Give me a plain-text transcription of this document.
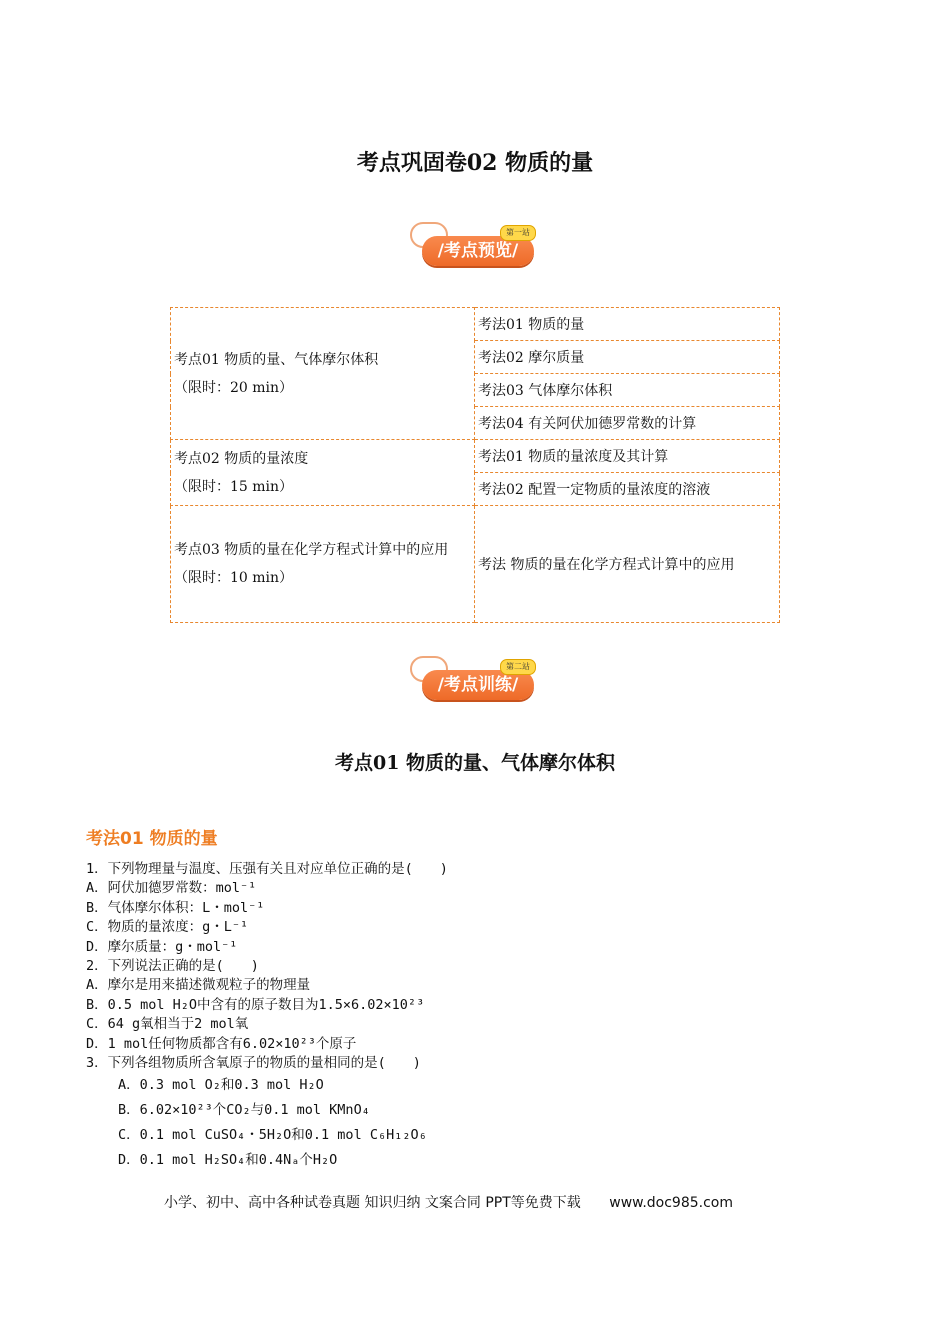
考点巩固卷02 物质的量
/考点预览/
第一站
考点01 物质的量、气体摩尔体积
（限时：20 min）	考法01 物质的量
	考法02 摩尔质量
	考法03 气体摩尔体积
	考法04 有关阿伏加德罗常数的计算

考点02 物质的量浓度
（限时：15 min）	考法01 物质的量浓度及其计算
	考法02 配置一定物质的量浓度的溶液

考点03 物质的量在化学方程式计算中的应用
（限时：10 min）	考法 物质的量在化学方程式计算中的应用
/考点训练/
第二站
考点01 物质的量、气体摩尔体积
考法01 物质的量
1．下列物理量与温度、压强有关且对应单位正确的是(　　)
A．阿伏加德罗常数：mol⁻¹
B．气体摩尔体积：L・mol⁻¹
C．物质的量浓度：g・L⁻¹
D．摩尔质量：g・mol⁻¹
2．下列说法正确的是(　　)
A．摩尔是用来描述微观粒子的物理量
B．0.5 mol H₂O中含有的原子数目为1.5×6.02×10²³
C．64 g氧相当于2 mol氧
D．1 mol任何物质都含有6.02×10²³个原子
3．下列各组物质所含氧原子的物质的量相同的是(　　)
A．0.3 mol O₂和0.3 mol H₂O
B．6.02×10²³个CO₂与0.1 mol KMnO₄
C．0.1 mol CuSO₄・5H₂O和0.1 mol C₆H₁₂O₆
D．0.1 mol H₂SO₄和0.4Nₐ个H₂O
小学、初中、高中各种试卷真题 知识归纳 文案合同 PPT等免费下载 www.doc985.com
